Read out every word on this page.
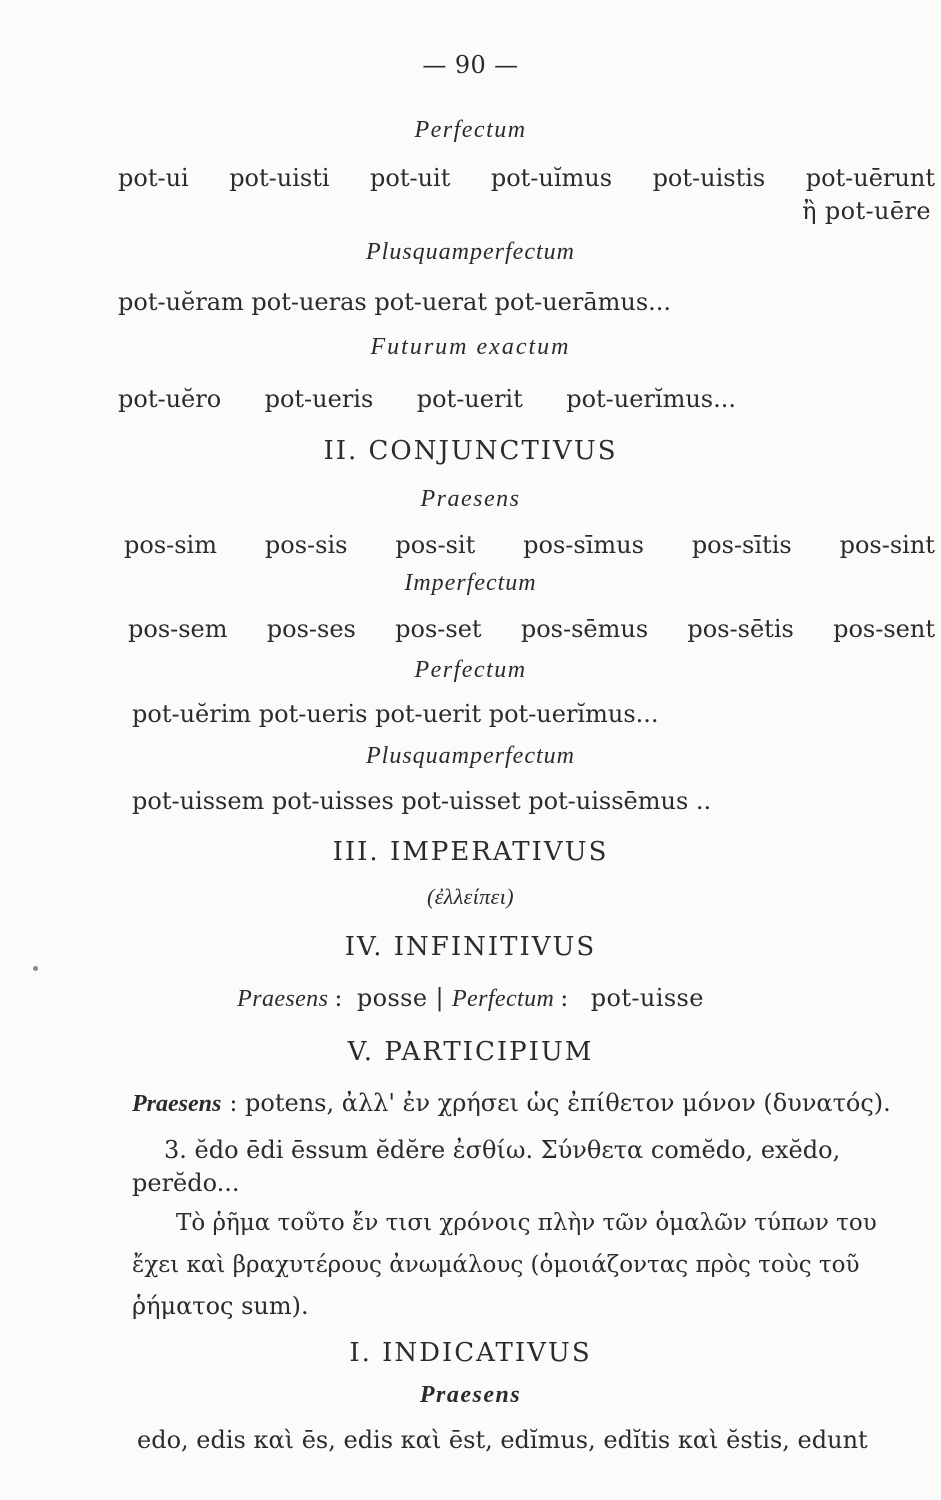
— 90 —
Perfectum
pot-ui pot-uisti pot-uit pot-uĭmus pot-uistis pot-uērunt
ἢ pot-uēre
Plusquamperfectum
pot-uĕram pot-ueras pot-uerat pot-uerāmus...
Futurum exactum
pot-uĕro pot-ueris pot-uerit pot-uerĭmus...
II. CONJUNCTIVUS
Praesens
pos-sim pos-sis pos-sit pos-sīmus pos-sītis pos-sint
Imperfectum
pos-sem pos-ses pos-set pos-sēmus pos-sētis pos-sent
Perfectum
pot-uĕrim pot-ueris pot-uerit pot-uerĭmus...
Plusquamperfectum
pot-uissem pot-uisses pot-uisset pot-uissēmus ..
III. IMPERATIVUS
(ἐλλείπει)
IV. INFINITIVUS
Praesens : posse | Perfectum : pot-uisse
V. PARTICIPIUM
Praesens : potens, ἀλλ' ἐν χρήσει ὡς ἐπίθετον μόνον (δυνατός).
3. ĕdo ēdi ēssum ĕdĕre ἐσθίω. Σύνθετα comĕdo, exĕdo,
perĕdo...
Τὸ ῥῆμα τοῦτο ἔν τισι χρόνοις πλὴν τῶν ὁμαλῶν τύπων του
ἔχει καὶ βραχυτέρους ἀνωμάλους (ὁμοιάζοντας πρὸς τοὺς τοῦ
ῥήματος sum).
I. INDICATIVUS
Praesens
edo, edis καὶ ēs, edis καὶ ēst, edĭmus, edĭtis καὶ ĕstis, edunt
